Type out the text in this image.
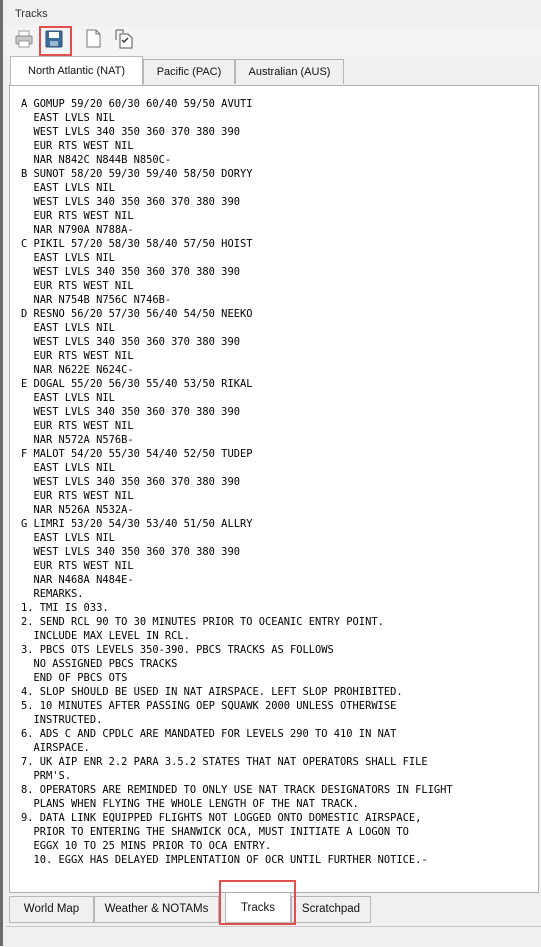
Tracks
North Atlantic (NAT)	Pacific (PAC)	Australian (AUS)
A GOMUP 59/20 60/30 60/40 59/50 AVUTI
EAST LVLS NIL
WEST LVLS 340 350 360 370 380 390
EUR RTS WEST NIL
NAR N842C N844B N850C-
B SUNOT 58/20 59/30 59/40 58/50 DORYY
EAST LVLS NIL
WEST LVLS 340 350 360 370 380 390
EUR RTS WEST NIL
NAR N790A N788A-
C PIKIL 57/20 58/30 58/40 57/50 HOIST
EAST LVLS NIL
WEST LVLS 340 350 360 370 380 390
EUR RTS WEST NIL
NAR N754B N756C N746B-
D RESNO 56/20 57/30 56/40 54/50 NEEKO
EAST LVLS NIL
WEST LVLS 340 350 360 370 380 390
EUR RTS WEST NIL
NAR N622E N624C-
E DOGAL 55/20 56/30 55/40 53/50 RIKAL
EAST LVLS NIL
WEST LVLS 340 350 360 370 380 390
EUR RTS WEST NIL
NAR N572A N576B-
F MALOT 54/20 55/30 54/40 52/50 TUDEP
EAST LVLS NIL
WEST LVLS 340 350 360 370 380 390
EUR RTS WEST NIL
NAR N526A N532A-
G LIMRI 53/20 54/30 53/40 51/50 ALLRY
EAST LVLS NIL
WEST LVLS 340 350 360 370 380 390
EUR RTS WEST NIL
NAR N468A N484E-
REMARKS.
1. TMI IS 033.
2. SEND RCL 90 TO 30 MINUTES PRIOR TO OCEANIC ENTRY POINT.
INCLUDE MAX LEVEL IN RCL.
3. PBCS OTS LEVELS 350-390. PBCS TRACKS AS FOLLOWS
NO ASSIGNED PBCS TRACKS
END OF PBCS OTS
4. SLOP SHOULD BE USED IN NAT AIRSPACE. LEFT SLOP PROHIBITED.
5. 10 MINUTES AFTER PASSING OEP SQUAWK 2000 UNLESS OTHERWISE
INSTRUCTED.
6. ADS C AND CPDLC ARE MANDATED FOR LEVELS 290 TO 410 IN NAT
AIRSPACE.
7. UK AIP ENR 2.2 PARA 3.5.2 STATES THAT NAT OPERATORS SHALL FILE
PRM'S.
8. OPERATORS ARE REMINDED TO ONLY USE NAT TRACK DESIGNATORS IN FLIGHT
PLANS WHEN FLYING THE WHOLE LENGTH OF THE NAT TRACK.
9. DATA LINK EQUIPPED FLIGHTS NOT LOGGED ONTO DOMESTIC AIRSPACE,
PRIOR TO ENTERING THE SHANWICK OCA, MUST INITIATE A LOGON TO
EGGX 10 TO 25 MINS PRIOR TO OCA ENTRY.
10. EGGX HAS DELAYED IMPLENTATION OF OCR UNTIL FURTHER NOTICE.-
World Map	Weather & NOTAMs	Tracks	Scratchpad
